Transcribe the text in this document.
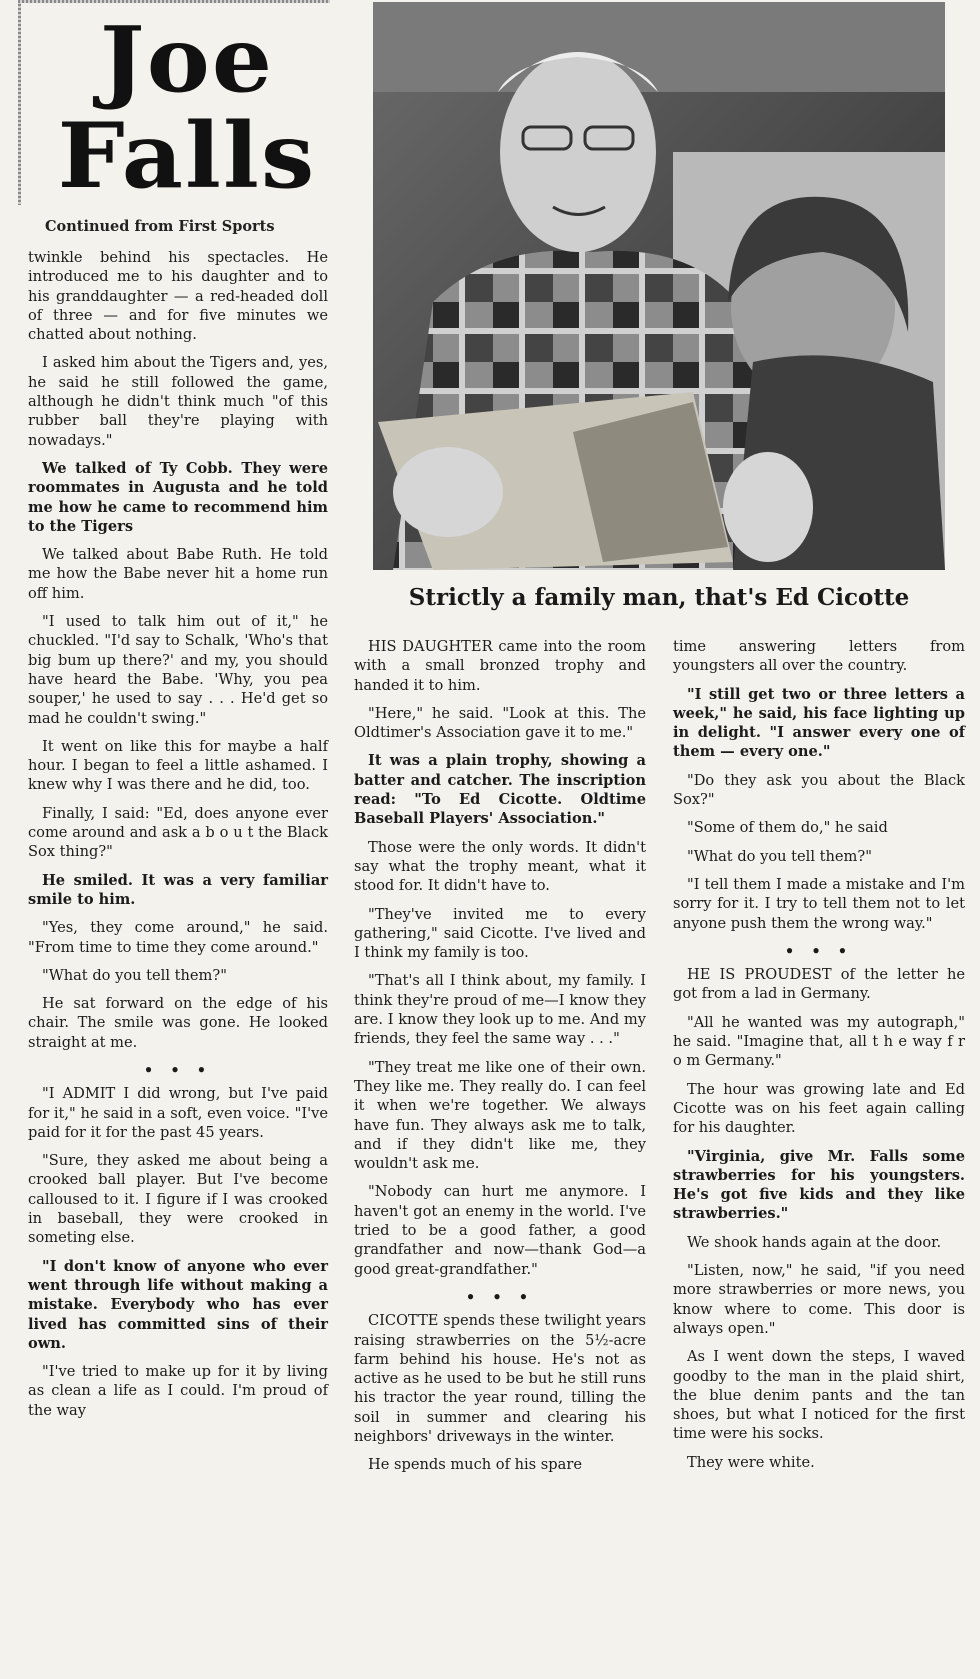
Joe
Falls
Continued from First Sports

twinkle behind his spectacles. He introduced me to his daughter and to his granddaughter — a red-headed doll of three — and for five minutes we chatted about nothing.

I asked him about the Tigers and, yes, he said he still followed the game, although he didn't think much "of this rubber ball they're playing with nowadays."

We talked of Ty Cobb. They were roommates in Augusta and he told me how he came to recommend him to the Tigers

We talked about Babe Ruth. He told me how the Babe never hit a home run off him.

"I used to talk him out of it," he chuckled. "I'd say to Schalk, 'Who's that big bum up there?' and my, you should have heard the Babe. 'Why, you pea souper,' he used to say . . . He'd get so mad he couldn't swing."

It went on like this for maybe a half hour. I began to feel a little ashamed. I knew why I was there and he did, too.

Finally, I said: "Ed, does anyone ever come around and ask a b o u t the Black Sox thing?"

He smiled. It was a very familiar smile to him.

"Yes, they come around," he said. "From time to time they come around."

"What do you tell them?"

He sat forward on the edge of his chair. The smile was gone. He looked straight at me.

• • •

"I ADMIT I did wrong, but I've paid for it," he said in a soft, even voice. "I've paid for it for the past 45 years.

"Sure, they asked me about being a crooked ball player. But I've become calloused to it. I figure if I was crooked in baseball, they were crooked in someting else.

"I don't know of anyone who ever went through life without making a mistake. Everybody who has ever lived has committed sins of their own.

"I've tried to make up for it by living as clean a life as I could. I'm proud of the way

Strictly a family man, that's Ed Cicotte

HIS DAUGHTER came into the room with a small bronzed trophy and handed it to him.

"Here," he said. "Look at this. The Oldtimer's Association gave it to me."

It was a plain trophy, showing a batter and catcher. The inscription read: "To Ed Cicotte. Oldtime Baseball Players' Association."

Those were the only words. It didn't say what the trophy meant, what it stood for. It didn't have to.

"They've invited me to every gathering," said Cicotte. I've lived and I think my family is too.

"That's all I think about, my family. I think they're proud of me—I know they are. I know they look up to me. And my friends, they feel the same way . . ."

"They treat me like one of their own. They like me. They really do. I can feel it when we're together. We always have fun. They always ask me to talk, and if they didn't like me, they wouldn't ask me.

"Nobody can hurt me anymore. I haven't got an enemy in the world. I've tried to be a good father, a good grandfather and now—thank God—a good great-grandfather."

• • •

CICOTTE spends these twilight years raising strawberries on the 5½-acre farm behind his house. He's not as active as he used to be but he still runs his tractor the year round, tilling the soil in summer and clearing his neighbors' driveways in the winter.

He spends much of his spare

time answering letters from youngsters all over the country.

"I still get two or three letters a week," he said, his face lighting up in delight. "I answer every one of them — every one."

"Do they ask you about the Black Sox?"

"Some of them do," he said

"What do you tell them?"

"I tell them I made a mistake and I'm sorry for it. I try to tell them not to let anyone push them the wrong way."

• • •

HE IS PROUDEST of the letter he got from a lad in Germany.

"All he wanted was my autograph," he said. "Imagine that, all t h e way f r o m Germany."

The hour was growing late and Ed Cicotte was on his feet again calling for his daughter.

"Virginia, give Mr. Falls some strawberries for his youngsters. He's got five kids and they like strawberries."

We shook hands again at the door.

"Listen, now," he said, "if you need more strawberries or more news, you know where to come. This door is always open."

As I went down the steps, I waved goodby to the man in the plaid shirt, the blue denim pants and the tan shoes, but what I noticed for the first time were his socks.

They were white.
